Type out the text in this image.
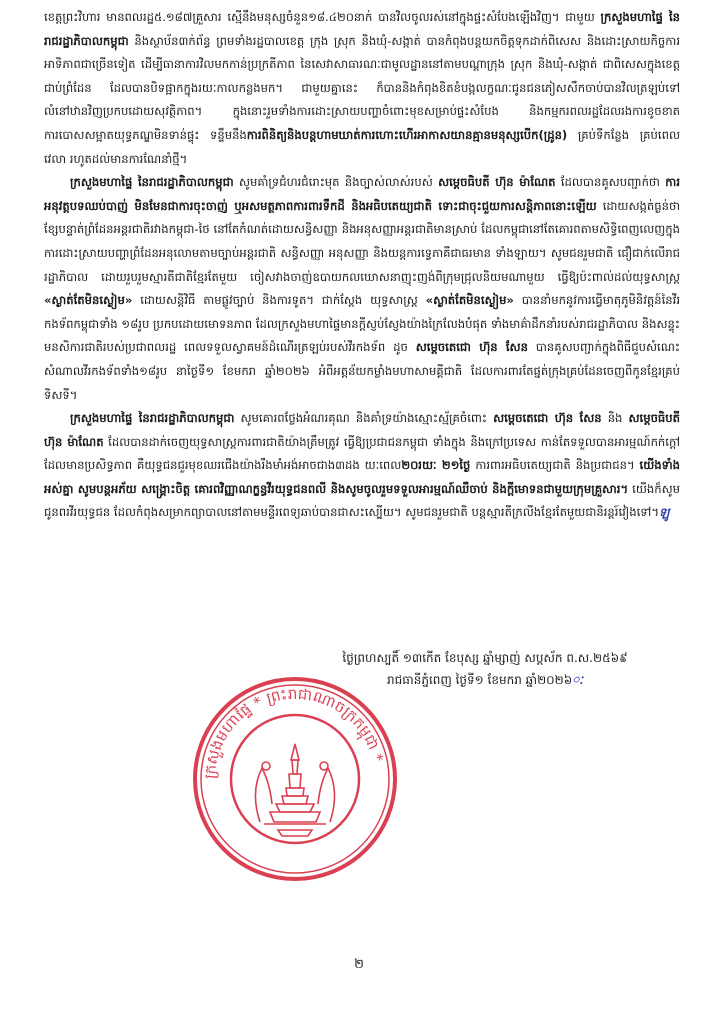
ខេត្តព្រះវិហារ មានពលរដ្ឋ៥.១៨៧គ្រួសារ ស្មើនឹងមនុស្សចំនួន១៨.៤២០នាក់ បានវិលចូលរស់នៅក្នុងផ្ទះសំបែងឡើងវិញ។ ជាមួយ ក្រសួងមហាផ្ទៃ នៃរាជរដ្ឋាភិបាលកម្ពុជា និងស្ថាប័ន៣ក់ព័ន្ធ ព្រមទាំងរដ្ឋបាលខេត្ត ក្រុង ស្រុក និងឃុំ-សង្កាត់ បានកំពុងបន្តយកចិត្តទុកដាក់ពិសេស និងដោះស្រាយកិច្ចការអាទិភាពជាច្រើនទៀត ដើម្បីធានាការវិលមកកាន់ប្រក្រតីភាព នៃសេវាសាធារណៈជាមូលដ្ឋាននៅតាមបណ្តាក្រុង ស្រុក និងឃុំ-សង្កាត់ ជាពិសេសក្នុងខេត្តជាប់ព្រំដែន ដែលបានបិទផ្អាកក្នុងរយៈកាលកន្លងមក។ ជាមួយគ្នានេះ ក៏បាននិងកំពុងខិតខំបង្កលក្ខណៈជូនជនភៀសសឹកចាប់បានវិលត្រឡប់ទៅលំនៅឋានវិញប្រកបដោយសុវត្ថិភាព។ ក្នុងនោះរួមទាំងការដោះស្រាយបញ្ហាចំពោះមុខសម្រាប់ផ្ទះសំបែង និងកម្មករពលរដ្ឋដែលរងការខូចខាត ការបោសសម្អាតយុទ្ធភណ្ឌមិនទាន់ផ្ទុះ ទន្ទឹមនឹងការពិនិត្យនិងបន្តហាមឃាត់ការហោះហើរអាកាសយានគ្មានមនុស្សបើក(ដ្រូន) គ្រប់ទីកន្លែង គ្រប់ពេលវេលា រហូតដល់មានការណែនាំថ្មី។

ក្រសួងមហាផ្ទៃ នៃរាជរដ្ឋាភិបាលកម្ពុជា សូមគាំទ្រជំហរជំរោះមុត និងច្បាស់លាស់របស់ សម្តេចធិបតី ហ៊ុន ម៉ាណែត ដែលបានគូសបញ្ជាក់ថា ការអនុវត្តបទឈប់បាញ់ មិនមែនជាការចុះចាញ់ ឬអសមត្ថភាពការពារទឹកដី និងអធិបតេយ្យជាតិ ទោះជាចុះជួយការសន្តិភាពនោះឡើយ ដោយសង្កត់ធ្ងន់ថា ខ្សែបន្ទាត់ព្រំដែនអន្តរជាតិរវាងកម្ពុជា-ថៃ នៅតែកំណត់ដោយសន្ធិសញ្ញា និងអនុសញ្ញាអន្តរជាតិមានស្រាប់ ដែលកម្ពុជានៅតែគោរពតាមសិទ្ធិពេញលេញក្នុងការដោះស្រាយបញ្ហាព្រំដែនអនុលោមតាមច្បាប់អន្តរជាតិ សន្ធិសញ្ញា អនុសញ្ញា និងយន្តការទ្វេភាគីជាធរមាន ទាំងឡាយ។ សូមជនរួមជាតិ ជឿជាក់លើរាជរដ្ឋាភិបាល ដោយរួបរួមស្មារតីជាតិខ្មែរតែមួយ ចៀសវាងចាញ់ឧបាយកលឃោសនាញុះញង់ពីក្រុមជ្រុលនិយមណាមួយ ធ្វើឱ្យប៉ះពាល់ដល់យុទ្ធសាស្ត្រ «ស្ងាត់តែមិនស្ងៀម» ដោយសន្តិវិធី តាមផ្លូវច្បាប់ និងការទូត។ ជាក់ស្តែង យុទ្ធសាស្ត្រ «ស្ងាត់តែមិនស្ងៀម» បាននាំមកនូវការធ្វើមាតុភូមិនិវត្តន៍នៃវីរកងទ័ពកម្ពុជាទាំង ១៨រូប ប្រកបដោយមោទនភាព ដែលក្រសួងមហាផ្ទៃមានក្តីស្ញប់ស្ញែងយ៉ាងក្រៃលែងបំផុត ទាំងមាគ៌ាដឹកនាំរបស់រាជរដ្ឋាភិបាល និងសន្ទុះមនសិការជាតិរបស់ប្រជាពលរដ្ឋ ពេលទទួលស្វាគមន៍ដំណើរត្រឡប់របស់វីរកងទ័ព ដូច សម្តេចតេជោ ហ៊ុន សែន បានគូសបញ្ជាក់ក្នុងពិធីជួបសំណេះសំណាលវីរកងទ័ពទាំង១៨រូប នាថ្ងៃទី១ ខែមករា ឆ្នាំ២០២៦ អំពីអត្តន័យកម្លាំងមហាសាមគ្គីជាតិ ដែលការពារតែផ្នត់ក្រុងគ្រប់ដែនចេញពីកូនខ្មែរគ្រប់ទិសទី។

ក្រសួងមហាផ្ទៃ នៃរាជរដ្ឋាភិបាលកម្ពុជា សូមគោរពថ្លែងអំណរគុណ និងគាំទ្រយ៉ាងស្មោះស្ម័គ្រចំពោះ សម្តេចតេជោ ហ៊ុន សែន និង សម្តេចធិបតី ហ៊ុន ម៉ាណែត ដែលបានដាក់ចេញយុទ្ធសាស្ត្រការពារជាតិយ៉ាងត្រឹមត្រូវ ធ្វើឱ្យប្រជាជនកម្ពុជា ទាំងក្នុង និងក្រៅប្រទេស កាន់តែទទួលបានអារម្មណ៍កក់ក្តៅ ដែលមានប្រសិទ្ធភាព គឺយុទ្ធជនជួរមុខឈរជើងយ៉ាងរឹងមាំអង់អាចជាង៣ដង យៈពេល២០រយៈ ២១ថ្ងៃ ការពារអធិបតេយ្យជាតិ និងប្រជាជន។ យើងទាំងអស់គ្នា សូមបន្តអភ័យ សង្រ្គោះចិត្ត គោរពវិញ្ញាណក្ខន្ធវីរយុទ្ធជនពលី និងសូមចូលរួមទទួលអារម្មណ៍ឈឺចាប់ និងក្តីមោទនជាមួយក្រុមគ្រួសារ។ យើងក៏សូមជូនពរវីរយុទ្ធជន ដែលកំពុងសម្រាកព្យាបាលនៅតាមមន្ទីរពេទ្យឆាប់បានជាសះស្បើយ។ សូមជនរួមជាតិ បន្តស្មារតីក្រលីងខ្មែរតែមួយជានិរន្តរ៍វៀងទៅ។ឡូ

ថ្ងៃព្រហស្បតិ៍ ១៣កើត ខែបុស្ស ឆ្នាំម្សាញ់ សប្តស័ក ព.ស.២៥៦៩
រាជធានីភ្នំពេញ ថ្ងៃទី១ ខែមករា ឆ្នាំ២០២៦ៈ
ក្រសួងមហាផ្ទៃ * ព្រះរាជាណាចក្រកម្ពុជា *
២
